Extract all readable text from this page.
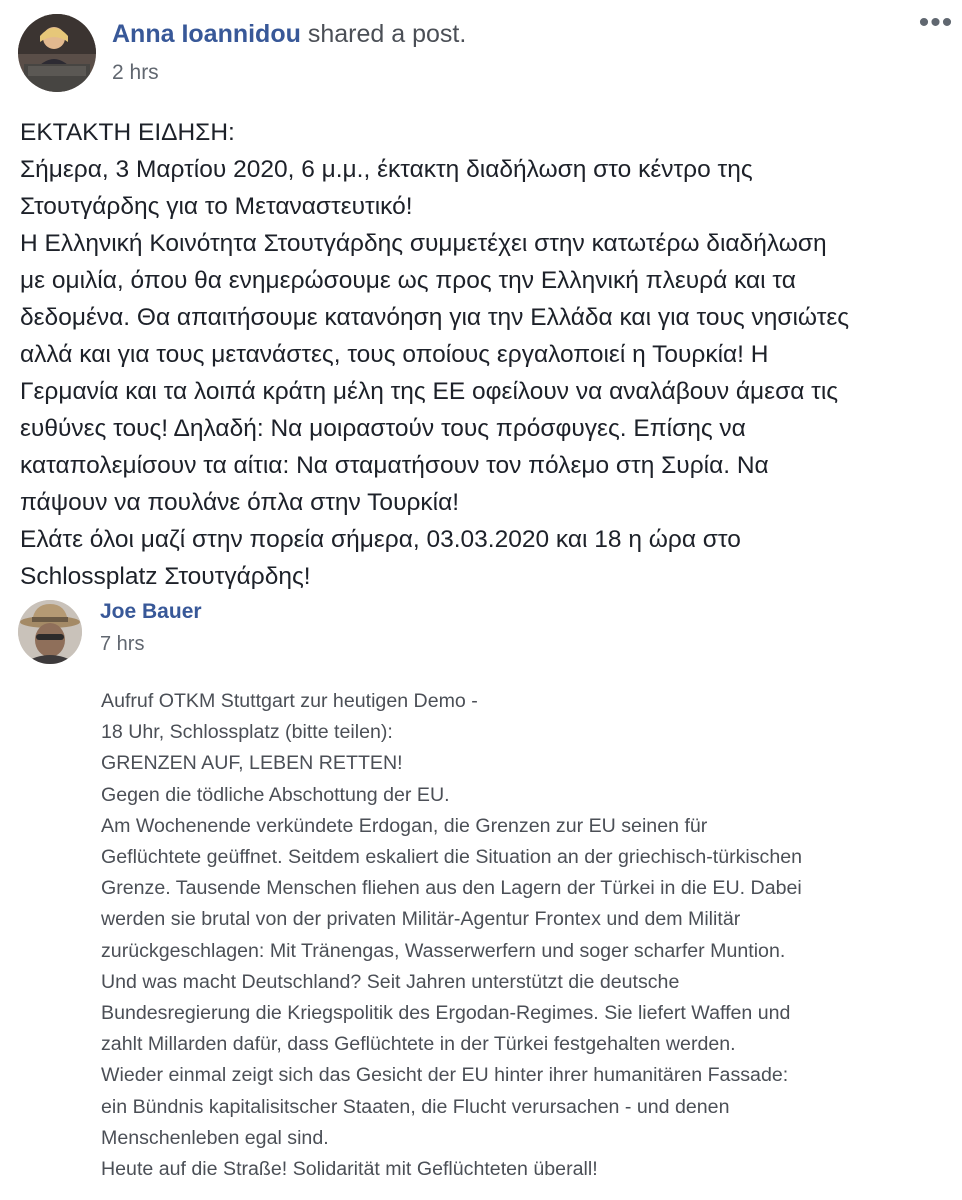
Anna Ioannidou shared a post.
2 hrs
•••
ΕΚΤΑΚΤΗ ΕΙΔΗΣΗ:
Σήμερα, 3 Μαρτίου 2020, 6 μ.μ., έκτακτη διαδήλωση στο κέντρο της
Στουτγάρδης για το Μεταναστευτικό!
Η Ελληνική Κοινότητα Στουτγάρδης συμμετέχει στην κατωτέρω διαδήλωση
με ομιλία, όπου θα ενημερώσουμε ως προς την Ελληνική πλευρά και τα
δεδομένα. Θα απαιτήσουμε κατανόηση για την Ελλάδα και για τους νησιώτες
αλλά και για τους μετανάστες, τους οποίους εργαλοποιεί η Τουρκία! Η
Γερμανία και τα λοιπά κράτη μέλη της ΕΕ οφείλουν να αναλάβουν άμεσα τις
ευθύνες τους! Δηλαδή: Να μοιραστούν τους πρόσφυγες. Επίσης να
καταπολεμίσουν τα αίτια: Να σταματήσουν τον πόλεμο στη Συρία. Να
πάψουν να πουλάνε όπλα στην Τουρκία!
Ελάτε όλοι μαζί στην πορεία σήμερα, 03.03.2020 και 18 η ώρα στο
Schlossplatz Στουτγάρδης!
Joe Bauer
7 hrs
Aufruf OTKM Stuttgart zur heutigen Demo -
18 Uhr, Schlossplatz (bitte teilen):
GRENZEN AUF, LEBEN RETTEN!
Gegen die tödliche Abschottung der EU.
Am Wochenende verkündete Erdogan, die Grenzen zur EU seinen für
Geflüchtete geüffnet. Seitdem eskaliert die Situation an der griechisch-türkischen
Grenze. Tausende Menschen fliehen aus den Lagern der Türkei in die EU. Dabei
werden sie brutal von der privaten Militär-Agentur Frontex und dem Militär
zurückgeschlagen: Mit Tränengas, Wasserwerfern und soger scharfer Muntion.
Und was macht Deutschland? Seit Jahren unterstützt die deutsche
Bundesregierung die Kriegspolitik des Ergodan-Regimes. Sie liefert Waffen und
zahlt Millarden dafür, dass Geflüchtete in der Türkei festgehalten werden.
Wieder einmal zeigt sich das Gesicht der EU hinter ihrer humanitären Fassade:
ein Bündnis kapitalisitscher Staaten, die Flucht verursachen - und denen
Menschenleben egal sind.
Heute auf die Straße! Solidarität mit Geflüchteten überall!
